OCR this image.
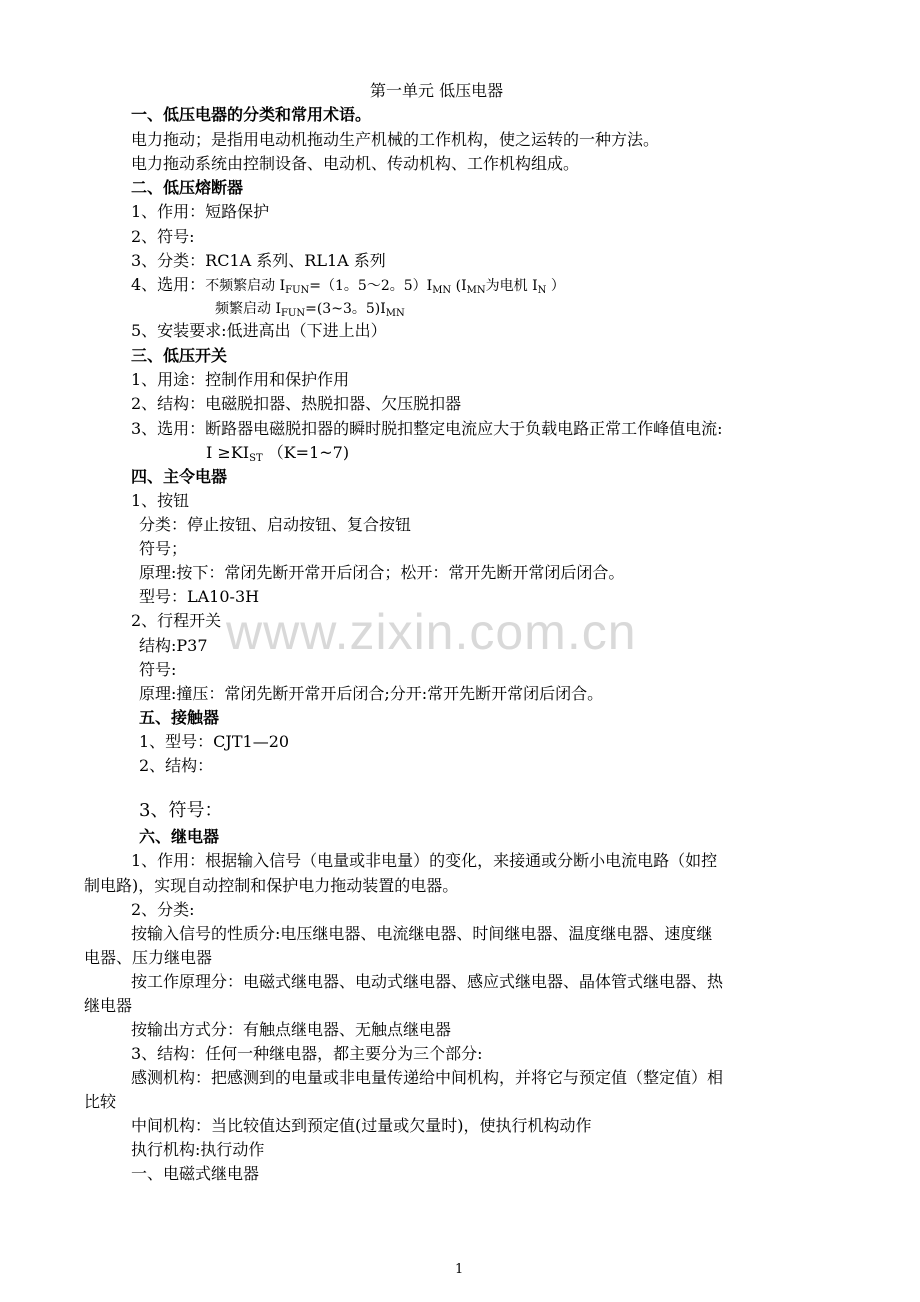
www.zixin.com.cn
第一单元 低压电器
一、低压电器的分类和常用术语。
电力拖动；是指用电动机拖动生产机械的工作机构，使之运转的一种方法。
电力拖动系统由控制设备、电动机、传动机构、工作机构组成。
二、低压熔断器
1、作用：短路保护
2、符号:
3、分类：RC1A 系列、RL1A 系列
4、选用：不频繁启动 $I_{FUN}=(1$。5～2。$5)I_{MN}$ ($I_{MN}$为电机 $I_N$ ）
频繁启动 $I_{FUN}=(3\sim 3$。$5)I_{MN}$
5、安装要求:低进高出（下进上出）
三、低压开关
1、用途：控制作用和保护作用
2、结构：电磁脱扣器、热脱扣器、欠压脱扣器
3、选用：断路器电磁脱扣器的瞬时脱扣整定电流应大于负载电路正常工作峰值电流:
$I \ge KI_{ST}$ （K=1~7)
四、主令电器
1、按钮
分类：停止按钮、启动按钮、复合按钮
符号；
原理:按下：常闭先断开常开后闭合；松开：常开先断开常闭后闭合。
型号：LA10-3H
2、行程开关
结构:P37
符号:
原理:撞压：常闭先断开常开后闭合;分开:常开先断开常闭后闭合。
五、接触器
1、型号：CJT1—20
2、结构：
3、符号：
六、继电器
1、作用：根据输入信号（电量或非电量）的变化，来接通或分断小电流电路（如控
制电路)，实现自动控制和保护电力拖动装置的电器。
2、分类:
按输入信号的性质分:电压继电器、电流继电器、时间继电器、温度继电器、速度继
电器、压力继电器
按工作原理分：电磁式继电器、电动式继电器、感应式继电器、晶体管式继电器、热
继电器
按输出方式分：有触点继电器、无触点继电器
3、结构：任何一种继电器，都主要分为三个部分:
感测机构：把感测到的电量或非电量传递给中间机构，并将它与预定值（整定值）相
比较
中间机构：当比较值达到预定值(过量或欠量时)，使执行机构动作
执行机构:执行动作
一、电磁式继电器
1
